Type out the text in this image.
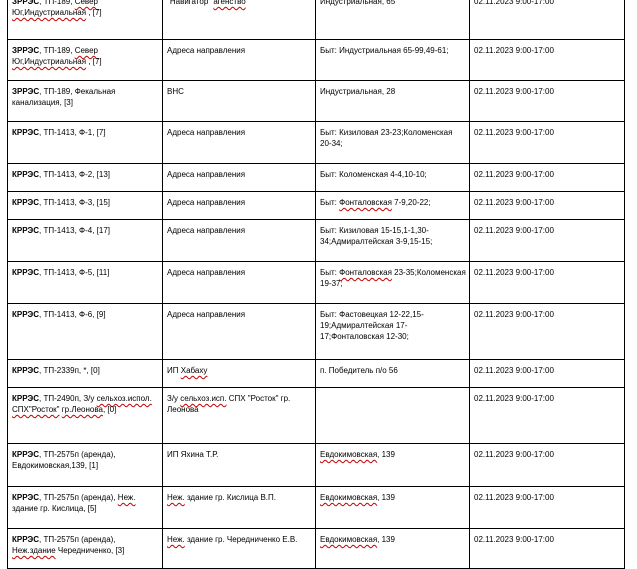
ЗРРЭС, ТП-189, Север Юг,Индустриальная , [7]	"Навигатор" агенство	Индустриальная, 65	02.11.2023 9:00-17:00
ЗРРЭС, ТП-189, Север Юг,Индустриальная , [7]	Адреса направления	Быт: Индустриальная 65-99,49-61;	02.11.2023 9:00-17:00
ЗРРЭС, ТП-189, Фекальная канализация, [3]	ВНС	Индустриальная, 28	02.11.2023 9:00-17:00
КРРЭС, ТП-1413, Ф-1, [7]	Адреса направления	Быт: Кизиловая 23-23;Коломенская 20-34;	02.11.2023 9:00-17:00
КРРЭС, ТП-1413, Ф-2, [13]	Адреса направления	Быт: Коломенская 4-4,10-10;	02.11.2023 9:00-17:00
КРРЭС, ТП-1413, Ф-3, [15]	Адреса направления	Быт: Фонталовская 7-9,20-22;	02.11.2023 9:00-17:00
КРРЭС, ТП-1413, Ф-4, [17]	Адреса направления	Быт: Кизиловая 15-15,1-1,30-34;Адмиралтейская 3-9,15-15;	02.11.2023 9:00-17:00
КРРЭС, ТП-1413, Ф-5, [11]	Адреса направления	Быт: Фонталовская 23-35;Коломенская 19-37;	02.11.2023 9:00-17:00
КРРЭС, ТП-1413, Ф-6, [9]	Адреса направления	Быт: Фастовецкая 12-22,15-19;Адмиралтейская 17-17;Фонталовская 12-30;	02.11.2023 9:00-17:00
КРРЭС, ТП-2339п, *, [0]	ИП Хабаху	п. Победитель п/о 56	02.11.2023 9:00-17:00
КРРЭС, ТП-2490п, З/у сельхоз.испол. СПХ"Росток" гр.Леонова, [0]	З/у сельхоз.исп. СПХ "Росток" гр. Леонова		02.11.2023 9:00-17:00
КРРЭС, ТП-2575п (аренда), Евдокимовская,139, [1]	ИП Яхина Т.Р.	Евдокимовская, 139	02.11.2023 9:00-17:00
КРРЭС, ТП-2575п (аренда), Неж. здание гр. Кислица, [5]	Неж. здание гр. Кислица В.П.	Евдокимовская, 139	02.11.2023 9:00-17:00
КРРЭС, ТП-2575п (аренда), Неж.здание Чередниченко, [3]	Неж. здание гр. Чередниченко Е.В.	Евдокимовская, 139	02.11.2023 9:00-17:00
